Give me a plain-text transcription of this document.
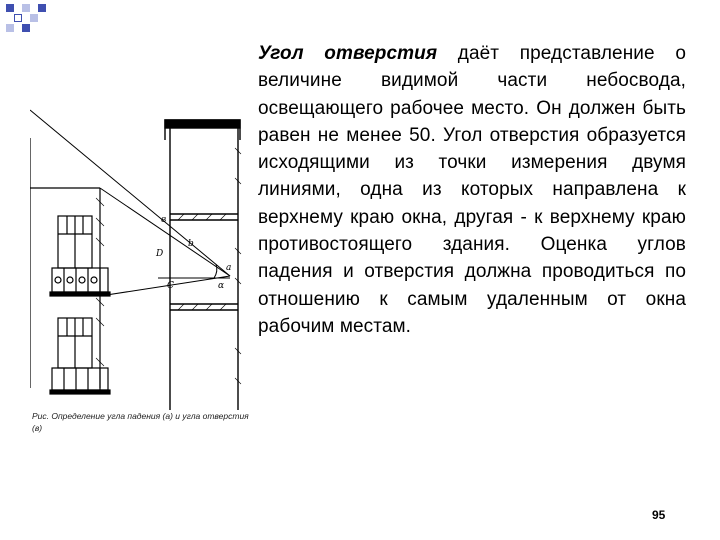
в
b
D
C
a
α
Рис. Определение угла падения (а) и угла отверстия (в)
Угол отверстия даёт представление о величине видимой части небосвода, освещающего рабочее место. Он должен быть равен не менее 50. Угол отверстия образуется исходящими из точки измерения двумя линиями, одна из которых направлена к верхнему краю окна, другая - к верхнему краю противостоящего здания. Оценка углов падения и отверстия должна проводиться по отношению к самым удаленным от окна рабочим местам.
95
